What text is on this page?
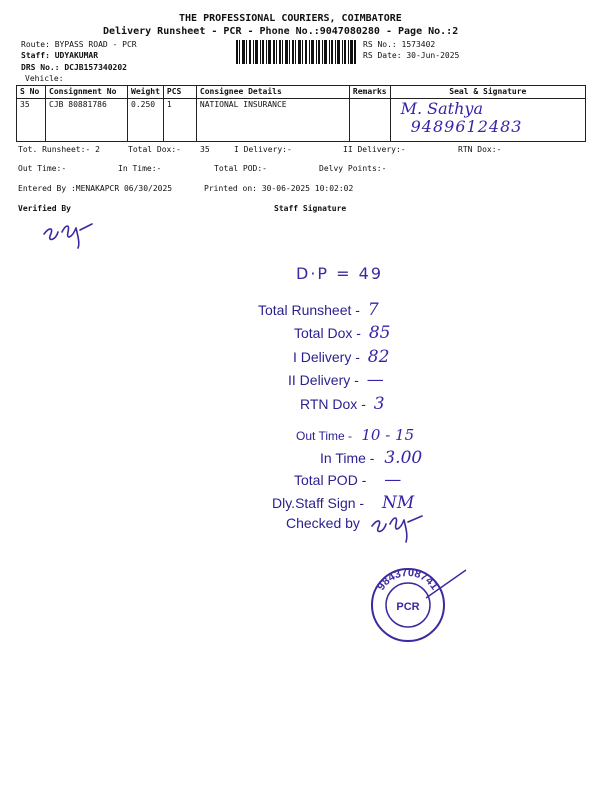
THE PROFESSIONAL COURIERS, COIMBATORE
Delivery Runsheet - PCR - Phone No.:9047080280 - Page No.:2
Route: BYPASS ROAD - PCR
Staff: UDYAKUMAR
DRS No.: DCJB157340202
Vehicle:
RS No.: 1573402
RS Date: 30-Jun-2025
S No	Consignment No	Weight	PCS	Consignee Details	Remarks	Seal & Signature
35	CJB 80881786	0.250	1	NATIONAL INSURANCE		M. Sathya
9489612483
Tot. Runsheet:- 2	Total Dox:- 35	I Delivery:-	II Delivery:-	RTN Dox:-
Out Time:-	In Time:-	Total POD:-	Delvy Points:-
Entered By :MENAKAPCR 06/30/2025	Printed on: 30-06-2025 10:02:02
Verified By	Staff Signature
D·P = 49
Total Runsheet - 7
Total Dox - 85
I Delivery - 82
II Delivery - —
RTN Dox - 3
Out Time - 10 - 15
In Time - 3.00
Total POD - —
Dly.Staff Sign - NM
Checked by
9843708741
PCR
